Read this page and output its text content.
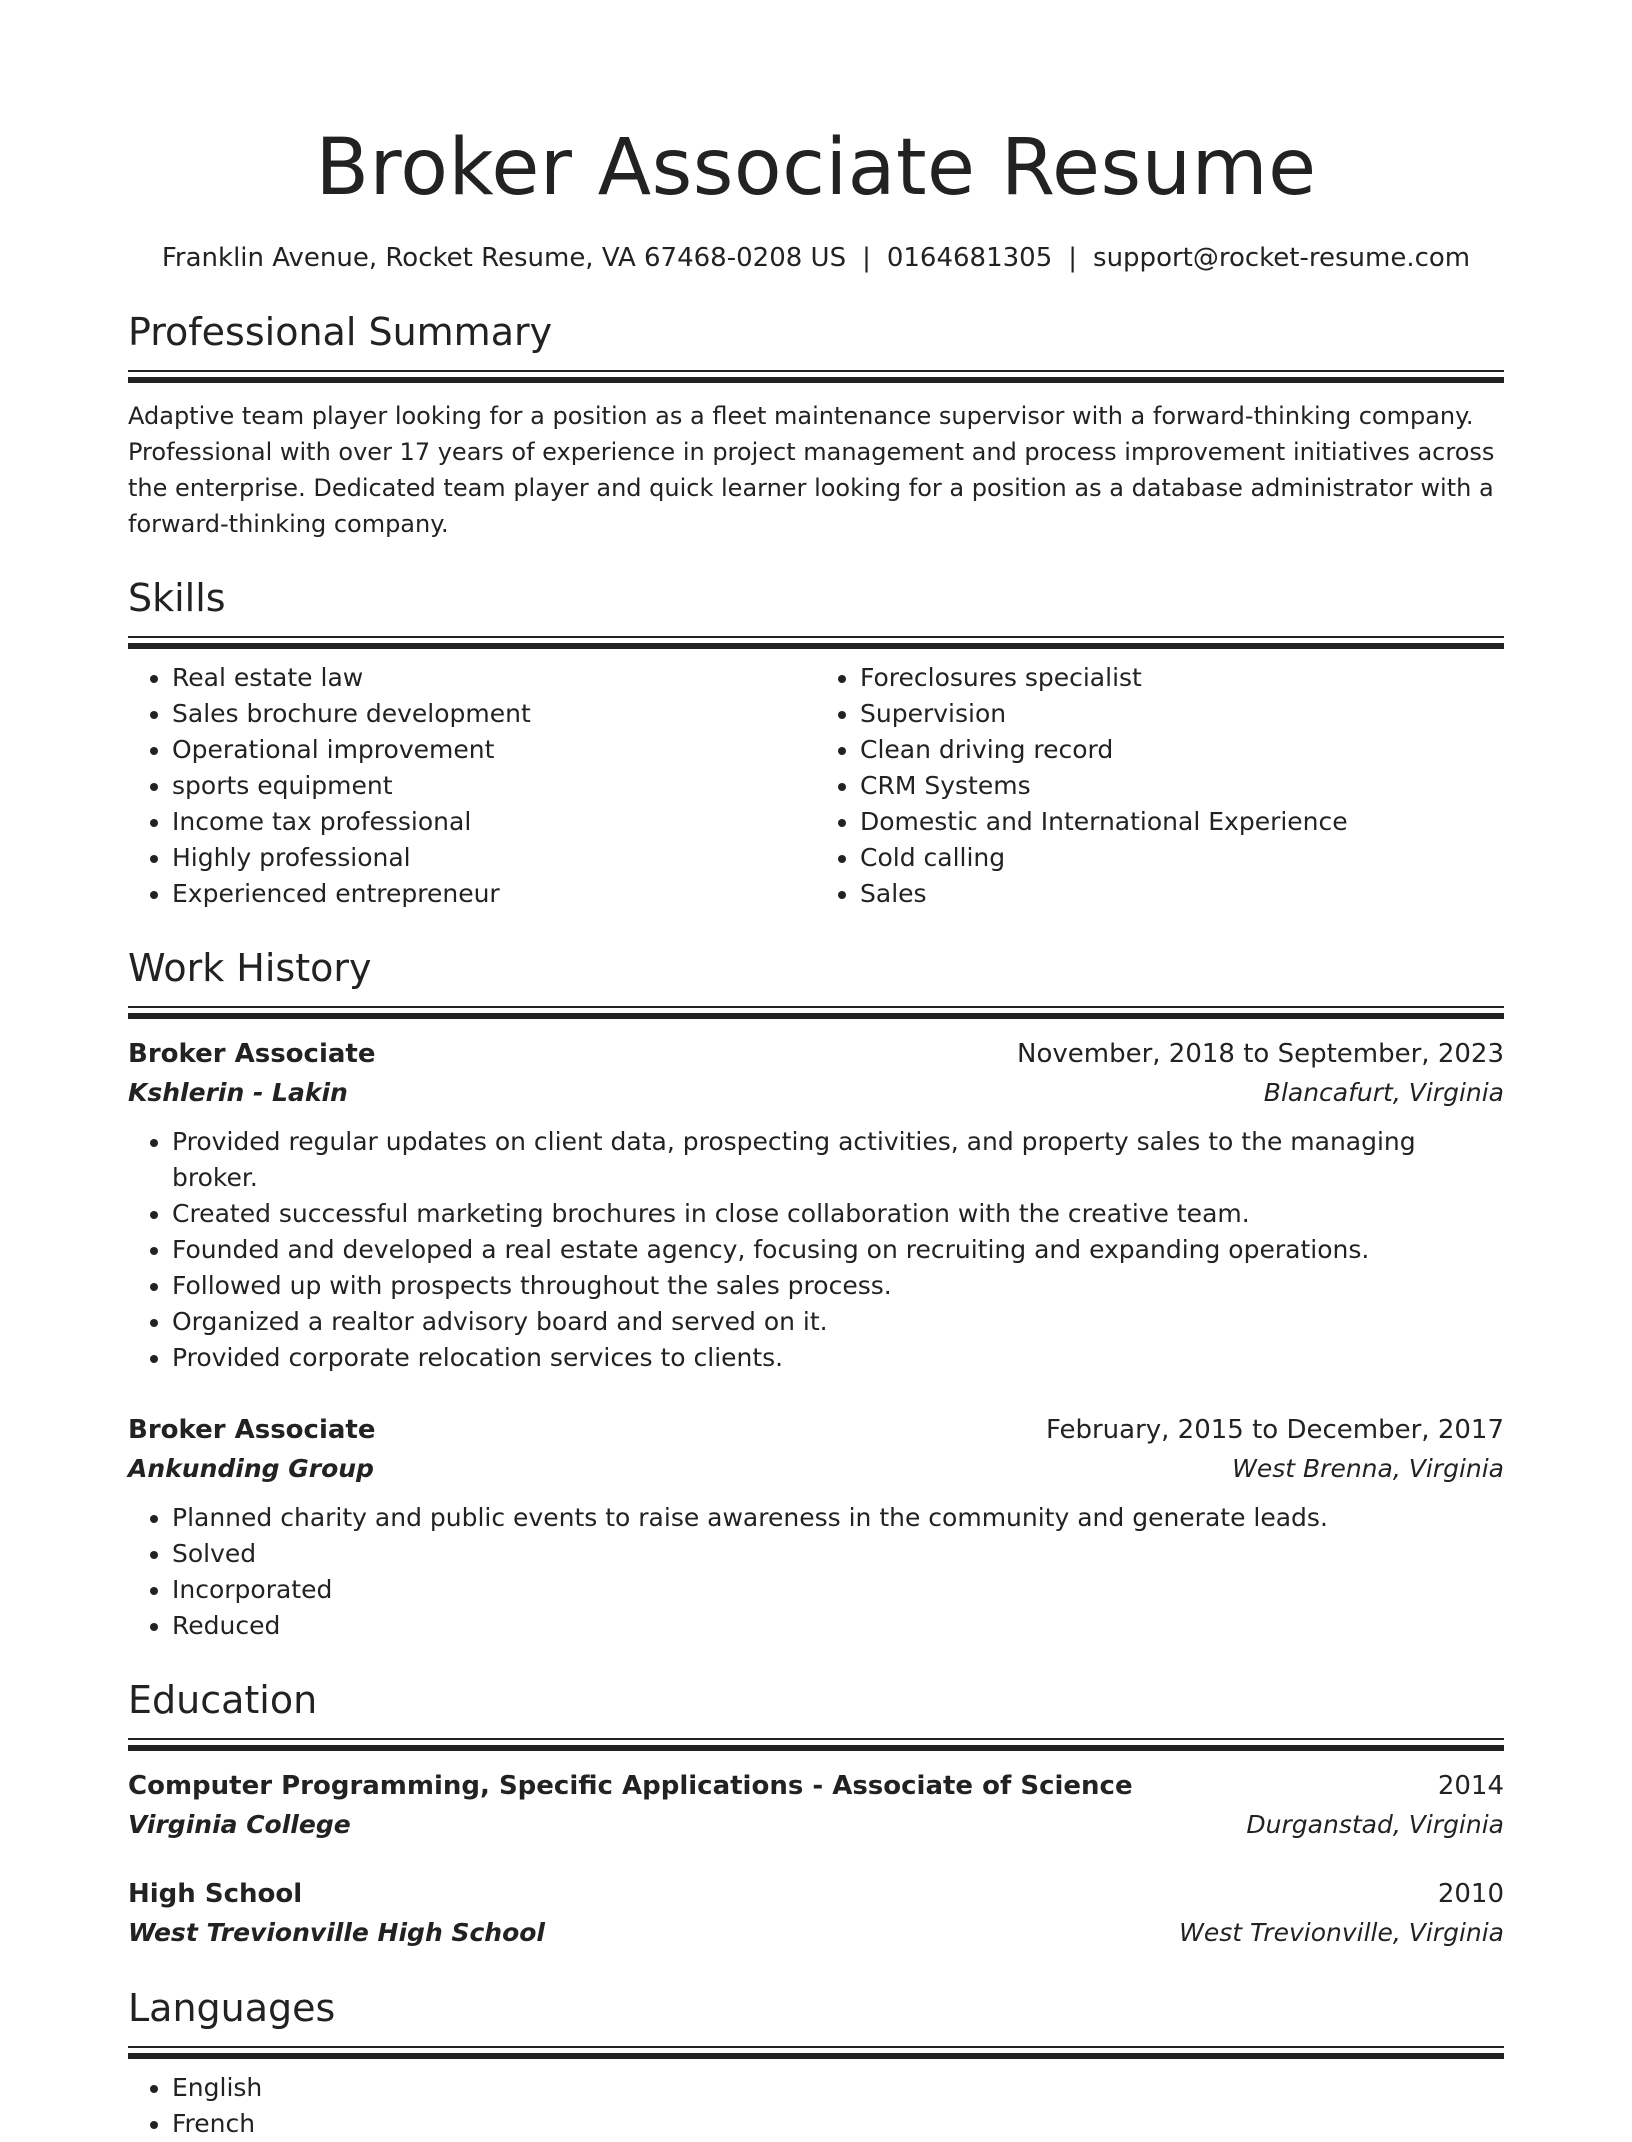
Broker Associate Resume
Franklin Avenue, Rocket Resume, VA 67468-0208 US | 0164681305 | support@rocket-resume.com
Professional Summary
Adaptive team player looking for a position as a fleet maintenance supervisor with a forward-thinking company. Professional with over 17 years of experience in project management and process improvement initiatives across the enterprise. Dedicated team player and quick learner looking for a position as a database administrator with a forward-thinking company.
Skills
• Real estate law
• Sales brochure development
• Operational improvement
• sports equipment
• Income tax professional
• Highly professional
• Experienced entrepreneur
• Foreclosures specialist
• Supervision
• Clean driving record
• CRM Systems
• Domestic and International Experience
• Cold calling
• Sales
Work History
Broker Associate	November, 2018 to September, 2023
Kshlerin - Lakin	Blancafurt, Virginia
• Provided regular updates on client data, prospecting activities, and property sales to the managing broker.
• Created successful marketing brochures in close collaboration with the creative team.
• Founded and developed a real estate agency, focusing on recruiting and expanding operations.
• Followed up with prospects throughout the sales process.
• Organized a realtor advisory board and served on it.
• Provided corporate relocation services to clients.
Broker Associate	February, 2015 to December, 2017
Ankunding Group	West Brenna, Virginia
• Planned charity and public events to raise awareness in the community and generate leads.
• Solved
• Incorporated
• Reduced
Education
Computer Programming, Specific Applications - Associate of Science	2014
Virginia College	Durganstad, Virginia
High School	2010
West Trevionville High School	West Trevionville, Virginia
Languages
• English
• French
